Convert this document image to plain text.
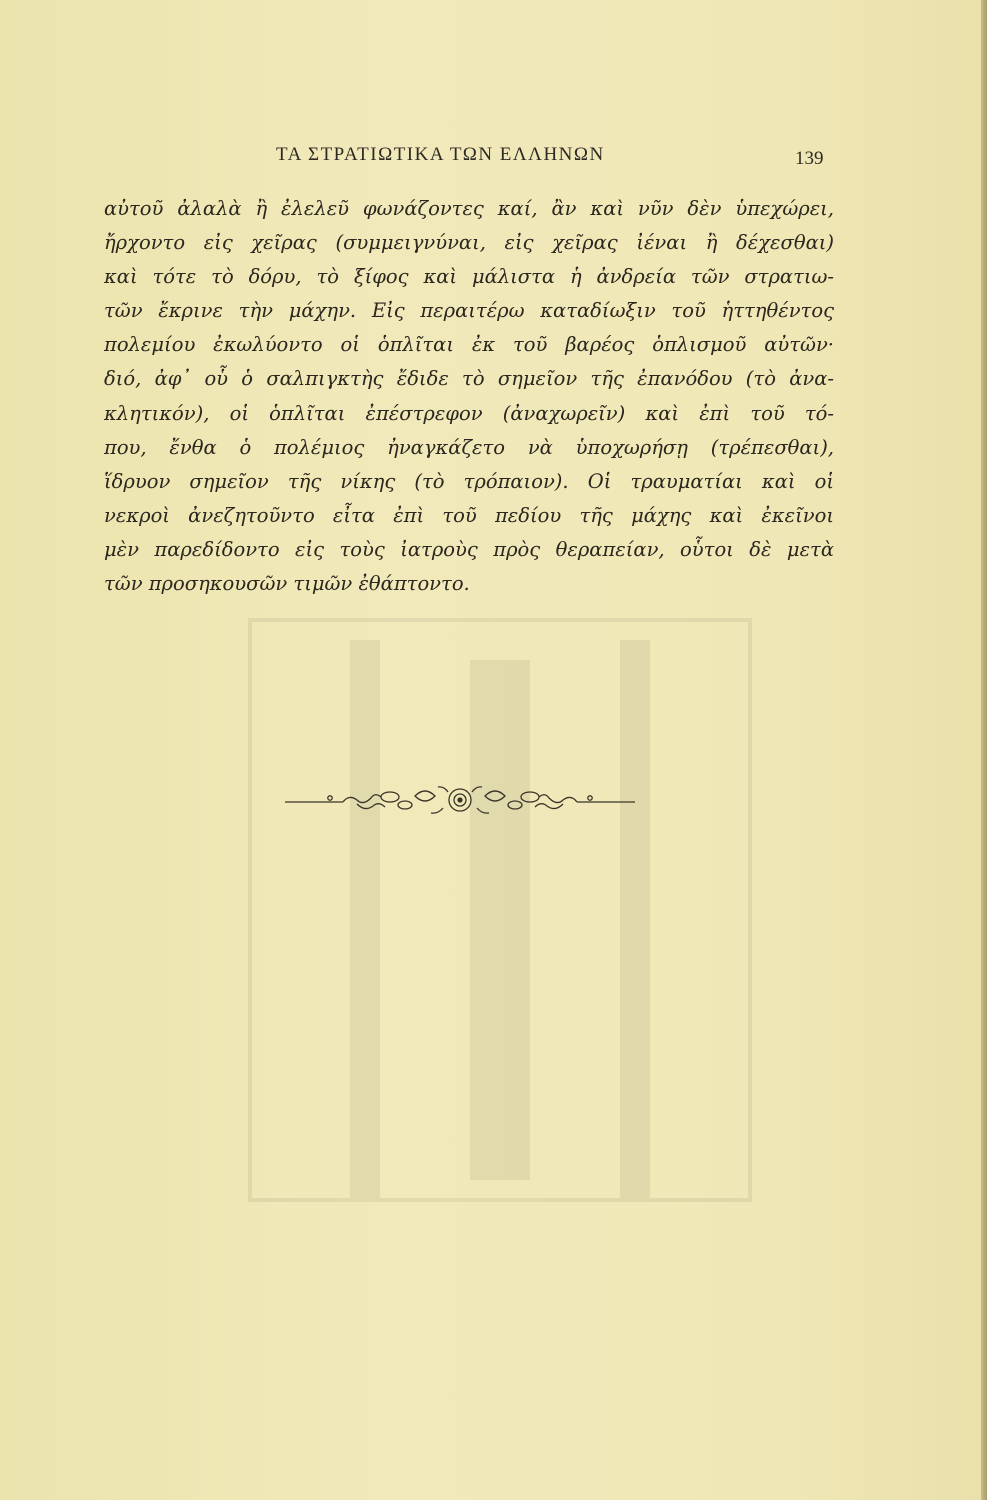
ΤΑ ΣΤΡΑΤΙΩΤΙΚΑ ΤΩΝ ΕΛΛΗΝΩΝ	139
αὐτοῦ ἀλαλὰ ἢ ἐλελεῦ φωνάζοντες καί, ἂν καὶ νῦν δὲν ὑπεχώρει,
ἤρχοντο εἰς χεῖρας (συμμειγνύναι, εἰς χεῖρας ἰέναι ἢ δέχεσθαι)
καὶ τότε τὸ δόρυ, τὸ ξίφος καὶ μάλιστα ἡ ἀνδρεία τῶν στρατιω-
τῶν ἔκρινε τὴν μάχην. Εἰς περαιτέρω καταδίωξιν τοῦ ἡττηθέντος
πολεμίου ἐκωλύοντο οἱ ὁπλῖται ἐκ τοῦ βαρέος ὁπλισμοῦ αὐτῶν·
διό, ἀφ᾽ οὗ ὁ σαλπιγκτὴς ἔδιδε τὸ σημεῖον τῆς ἐπανόδου (τὸ ἀνα-
κλητικόν), οἱ ὁπλῖται ἐπέστρεφον (ἀναχωρεῖν) καὶ ἐπὶ τοῦ τό-
που, ἔνθα ὁ πολέμιος ἠναγκάζετο νὰ ὑποχωρήσῃ (τρέπεσθαι),
ἵδρυον σημεῖον τῆς νίκης (τὸ τρόπαιον). Οἱ τραυματίαι καὶ οἱ
νεκροὶ ἀνεζητοῦντο εἶτα ἐπὶ τοῦ πεδίου τῆς μάχης καὶ ἐκεῖνοι
μὲν παρεδίδοντο εἰς τοὺς ἰατροὺς πρὸς θεραπείαν, οὗτοι δὲ μετὰ
τῶν προσηκουσῶν τιμῶν ἐθάπτοντο.
